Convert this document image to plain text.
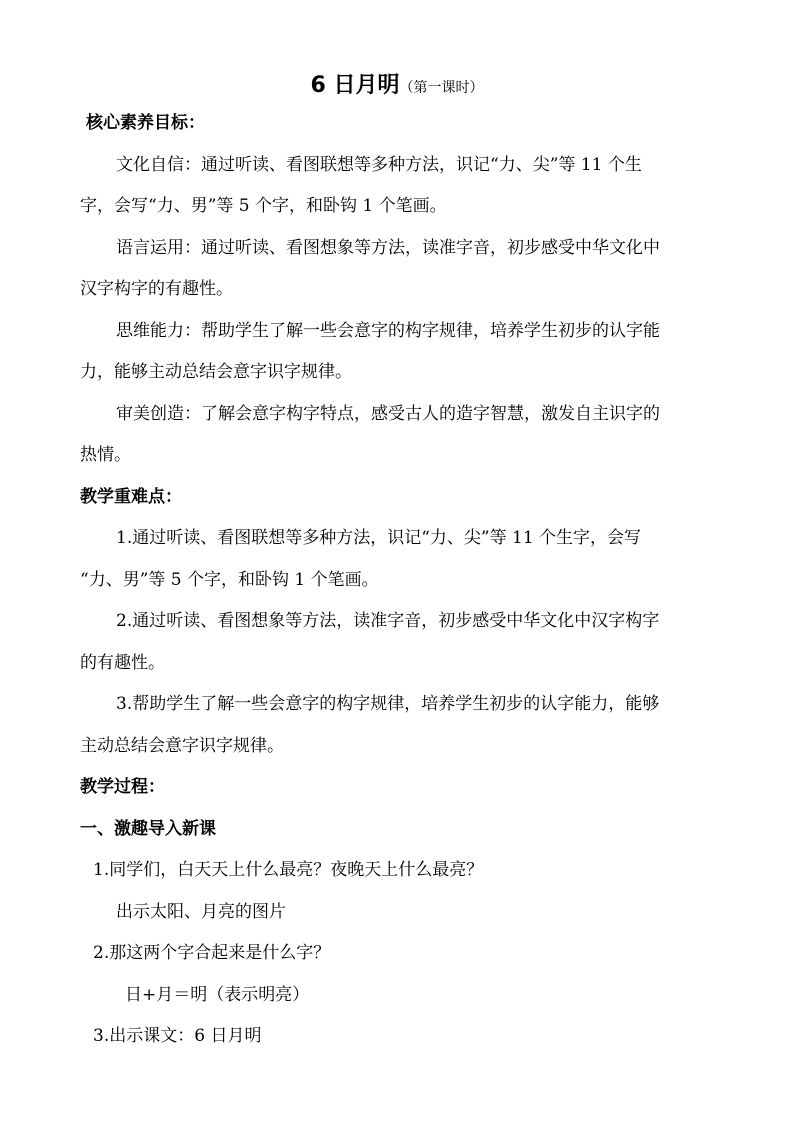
6 日月明（第一课时）
核心素养目标：
文化自信：通过听读、看图联想等多种方法，识记“力、尖”等 11 个生
字，会写“力、男”等 5 个字，和卧钩 1 个笔画。
语言运用：通过听读、看图想象等方法，读准字音，初步感受中华文化中
汉字构字的有趣性。
思维能力：帮助学生了解一些会意字的构字规律，培养学生初步的认字能
力，能够主动总结会意字识字规律。
审美创造：了解会意字构字特点，感受古人的造字智慧，激发自主识字的
热情。
教学重难点：
1.通过听读、看图联想等多种方法，识记“力、尖”等 11 个生字，会写
“力、男”等 5 个字，和卧钩 1 个笔画。
2.通过听读、看图想象等方法，读准字音，初步感受中华文化中汉字构字
的有趣性。
3.帮助学生了解一些会意字的构字规律，培养学生初步的认字能力，能够
主动总结会意字识字规律。
教学过程：
一、激趣导入新课
1.同学们，白天天上什么最亮？夜晚天上什么最亮？
出示太阳、月亮的图片
2.那这两个字合起来是什么字？
日+月＝明（表示明亮）
3.出示课文：6 日月明
